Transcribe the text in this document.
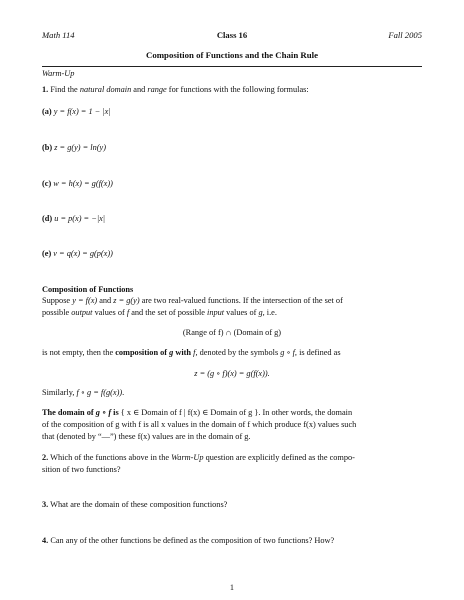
Math 114	Class 16	Fall 2005
Composition of Functions and the Chain Rule
Warm-Up
1. Find the natural domain and range for functions with the following formulas:
(a) y = f(x) = 1 − |x|
(b) z = g(y) = ln(y)
(c) w = h(x) = g(f(x))
(d) u = p(x) = −|x|
(e) v = q(x) = g(p(x))
Composition of Functions
Suppose y = f(x) and z = g(y) are two real-valued functions. If the intersection of the set of
possible output values of f and the set of possible input values of g, i.e.
(Range of f) ∩ (Domain of g)
is not empty, then the composition of g with f, denoted by the symbols g ∘ f, is defined as
z = (g ∘ f)(x) = g(f(x)).
Similarly, f ∘ g = f(g(x)).
The domain of g ∘ f is { x ∈ Domain of f | f(x) ∈ Domain of g }. In other words, the domain
of the composition of g with f is all x values in the domain of f which produce f(x) values such
that (denoted by “—”) these f(x) values are in the domain of g.
2. Which of the functions above in the Warm-Up question are explicitly defined as the compo-
sition of two functions?
3. What are the domain of these composition functions?
4. Can any of the other functions be defined as the composition of two functions? How?
1
